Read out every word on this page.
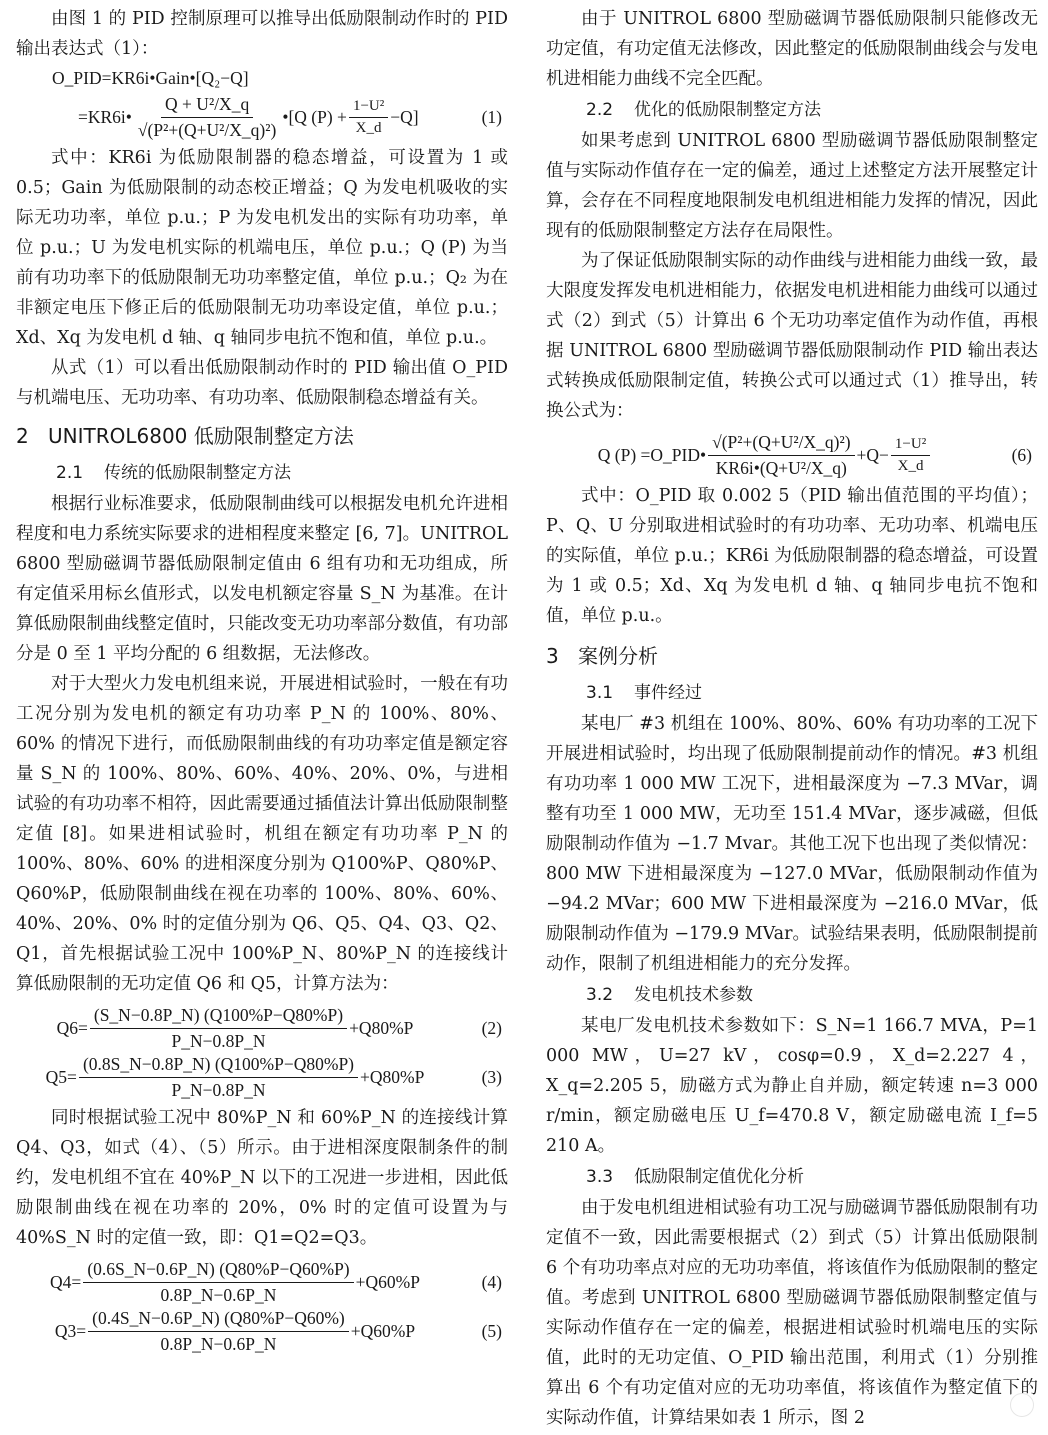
由图 1 的 PID 控制原理可以推导出低励限制动作时的 PID 输出表达式（1）：

O_PID=KR6i•Gain•[Q₂−Q]
=KR6i• $\frac{\text{Q + U²/X\_q}}{\text{√(P²+(Q+U²/X\_q)²)}}$ •[Q $(P) + \frac{\text{1−U²}}{X\_d} -Q$]	(1)

式中：KR6i 为低励限制器的稳态增益，可设置为 1 或 0.5；Gain 为低励限制的动态校正增益；Q 为发电机吸收的实际无功功率，单位 p.u.；P 为发电机发出的实际有功功率，单位 p.u.；U 为发电机实际的机端电压，单位 p.u.；Q (P) 为当前有功功率下的低励限制无功功率整定值，单位 p.u.；Q₂ 为在非额定电压下修正后的低励限制无功功率设定值，单位 p.u.；Xd、Xq 为发电机 d 轴、q 轴同步电抗不饱和值，单位 p.u.。

从式（1）可以看出低励限制动作时的 PID 输出值 O_PID 与机端电压、无功功率、有功功率、低励限制稳态增益有关。

2 UNITROL6800 低励限制整定方法
2.1 传统的低励限制整定方法

根据行业标准要求，低励限制曲线可以根据发电机允许进相程度和电力系统实际要求的进相程度来整定 [6, 7]。UNITROL 6800 型励磁调节器低励限制定值由 6 组有功和无功组成，所有定值采用标幺值形式，以发电机额定容量 S_N 为基准。在计算低励限制曲线整定值时，只能改变无功功率部分数值，有功部分是 0 至 1 平均分配的 6 组数据，无法修改。

对于大型火力发电机组来说，开展进相试验时，一般在有功工况分别为发电机的额定有功功率 P_N 的 100%、80%、60% 的情况下进行，而低励限制曲线的有功功率定值是额定容量 S_N 的 100%、80%、60%、40%、20%、0%，与进相试验的有功功率不相符，因此需要通过插值法计算出低励限制整定值 [8]。如果进相试验时，机组在额定有功功率 P_N 的 100%、80%、60% 的进相深度分别为 Q100%P、Q80%P、Q60%P，低励限制曲线在视在功率的 100%、80%、60%、40%、20%、0% 时的定值分别为 Q6、Q5、Q4、Q3、Q2、Q1，首先根据试验工况中 100%P_N、80%P_N 的连接线计算低励限制的无功定值 Q6 和 Q5，计算方法为：

$Q6= \frac{(S\_N-0.8P\_N) (Q100\%P-Q80\%P)}{P\_N-0.8P\_N} +Q80\%P$	(2)
$Q5= \frac{(0.8S\_N-0.8P\_N) (Q100\%P-Q80\%P)}{P\_N-0.8P\_N} +Q80\%P$	(3)

同时根据试验工况中 80%P_N 和 60%P_N 的连接线计算 Q4、Q3，如式（4）、（5）所示。由于进相深度限制条件的制约，发电机组不宜在 40%P_N 以下的工况进一步进相，因此低励限制曲线在视在功率的 20%，0% 时的定值可设置为与 40%S_N 时的定值一致，即：Q1=Q2=Q3。

$Q4= \frac{(0.6S\_N-0.6P\_N) (Q80\%P-Q60\%P)}{0.8P\_N-0.6P\_N} +Q60\%P$	(4)
$Q3= \frac{(0.4S\_N-0.6P\_N) (Q80\%P-Q60\%)}{0.8P\_N-0.6P\_N} +Q60\%P$	(5)

由于 UNITROL 6800 型励磁调节器低励限制只能修改无功定值，有功定值无法修改，因此整定的低励限制曲线会与发电机进相能力曲线不完全匹配。

2.2 优化的低励限制整定方法

如果考虑到 UNITROL 6800 型励磁调节器低励限制整定值与实际动作值存在一定的偏差，通过上述整定方法开展整定计算，会存在不同程度地限制发电机组进相能力发挥的情况，因此现有的低励限制整定方法存在局限性。

为了保证低励限制实际的动作曲线与进相能力曲线一致，最大限度发挥发电机进相能力，依据发电机进相能力曲线可以通过式（2）到式（5）计算出 6 个无功功率定值作为动作值，再根据 UNITROL 6800 型励磁调节器低励限制动作 PID 输出表达式转换成低励限制定值，转换公式可以通过式（1）推导出，转换公式为：

Q (P) =O_PID• $\frac{\text{√(P²+(Q+U²/X\_q)²)}}{\text{KR6i•(Q+U²/X\_q)}} +Q- \frac{\text{1−U²}}{X\_d}$	(6)

式中：O_PID 取 0.002 5（PID 输出值范围的平均值）；P、Q、U 分别取进相试验时的有功功率、无功功率、机端电压的实际值，单位 p.u.；KR6i 为低励限制器的稳态增益，可设置为 1 或 0.5；Xd、Xq 为发电机 d 轴、q 轴同步电抗不饱和值，单位 p.u.。

3 案例分析
3.1 事件经过

某电厂 #3 机组在 100%、80%、60% 有功功率的工况下开展进相试验时，均出现了低励限制提前动作的情况。#3 机组有功功率 1 000 MW 工况下，进相最深度为 −7.3 MVar，调整有功至 1 000 MW，无功至 151.4 MVar，逐步减磁，但低励限制动作值为 −1.7 Mvar。其他工况下也出现了类似情况：800 MW 下进相最深度为 −127.0 MVar，低励限制动作值为 −94.2 MVar；600 MW 下进相最深度为 −216.0 MVar，低励限制动作值为 −179.9 MVar。试验结果表明，低励限制提前动作，限制了机组进相能力的充分发挥。

3.2 发电机技术参数

某电厂发电机技术参数如下：S_N=1 166.7 MVA，P=1 000 MW，U=27 kV，cosφ=0.9，X_d=2.227 4，X_q=2.205 5，励磁方式为静止自并励，额定转速 n=3 000 r/min，额定励磁电压 U_f=470.8 V，额定励磁电流 I_f=5 210 A。

3.3 低励限制定值优化分析

由于发电机组进相试验有功工况与励磁调节器低励限制有功定值不一致，因此需要根据式（2）到式（5）计算出低励限制 6 个有功功率点对应的无功功率值，将该值作为低励限制的整定值。考虑到 UNITROL 6800 型励磁调节器低励限制整定值与实际动作值存在一定的偏差，根据进相试验时机端电压的实际值，此时的无功定值、O_PID 输出范围，利用式（1）分别推算出 6 个有功定值对应的无功功率值，将该值作为整定值下的实际动作值，计算结果如表 1 所示，图 2
